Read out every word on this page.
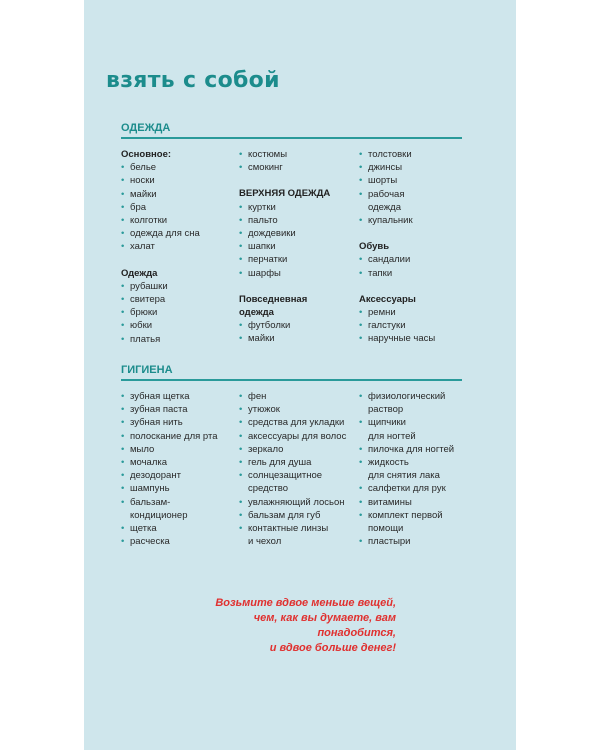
взять с собой
ОДЕЖДА
Основное:
• белье
• носки
• майки
• бра
• колготки
• одежда для сна
• халат
Одежда
• рубашки
• свитера
• брюки
• юбки
• платья
• костюмы
• смокинг
ВЕРХНЯЯ ОДЕЖДА
• куртки
• пальто
• дождевики
• шапки
• перчатки
• шарфы
Повседневная
одежда
• футболки
• майки
• толстовки
• джинсы
• шорты
• рабочая
одежда
• купальник
Обувь
• сандалии
• тапки
Аксессуары
• ремни
• галстуки
• наручные часы
ГИГИЕНА
• зубная щетка
• зубная паста
• зубная нить
• полоскание для рта
• мыло
• мочалка
• дезодорант
• шампунь
• бальзам-
кондиционер
• щетка
• расческа
• фен
• утюжок
• средства для укладки
• аксессуары для волос
• зеркало
• гель для душа
• солнцезащитное
средство
• увлажняющий лосьон
• бальзам для губ
• контактные линзы
и чехол
• физиологический
раствор
• щипчики
для ногтей
• пилочка для ногтей
• жидкость
для снятия лака
• салфетки для рук
• витамины
• комплект первой
помощи
• пластыри
Возьмите вдвое меньше вещей,
чем, как вы думаете, вам понадобится,
и вдвое больше денег!
